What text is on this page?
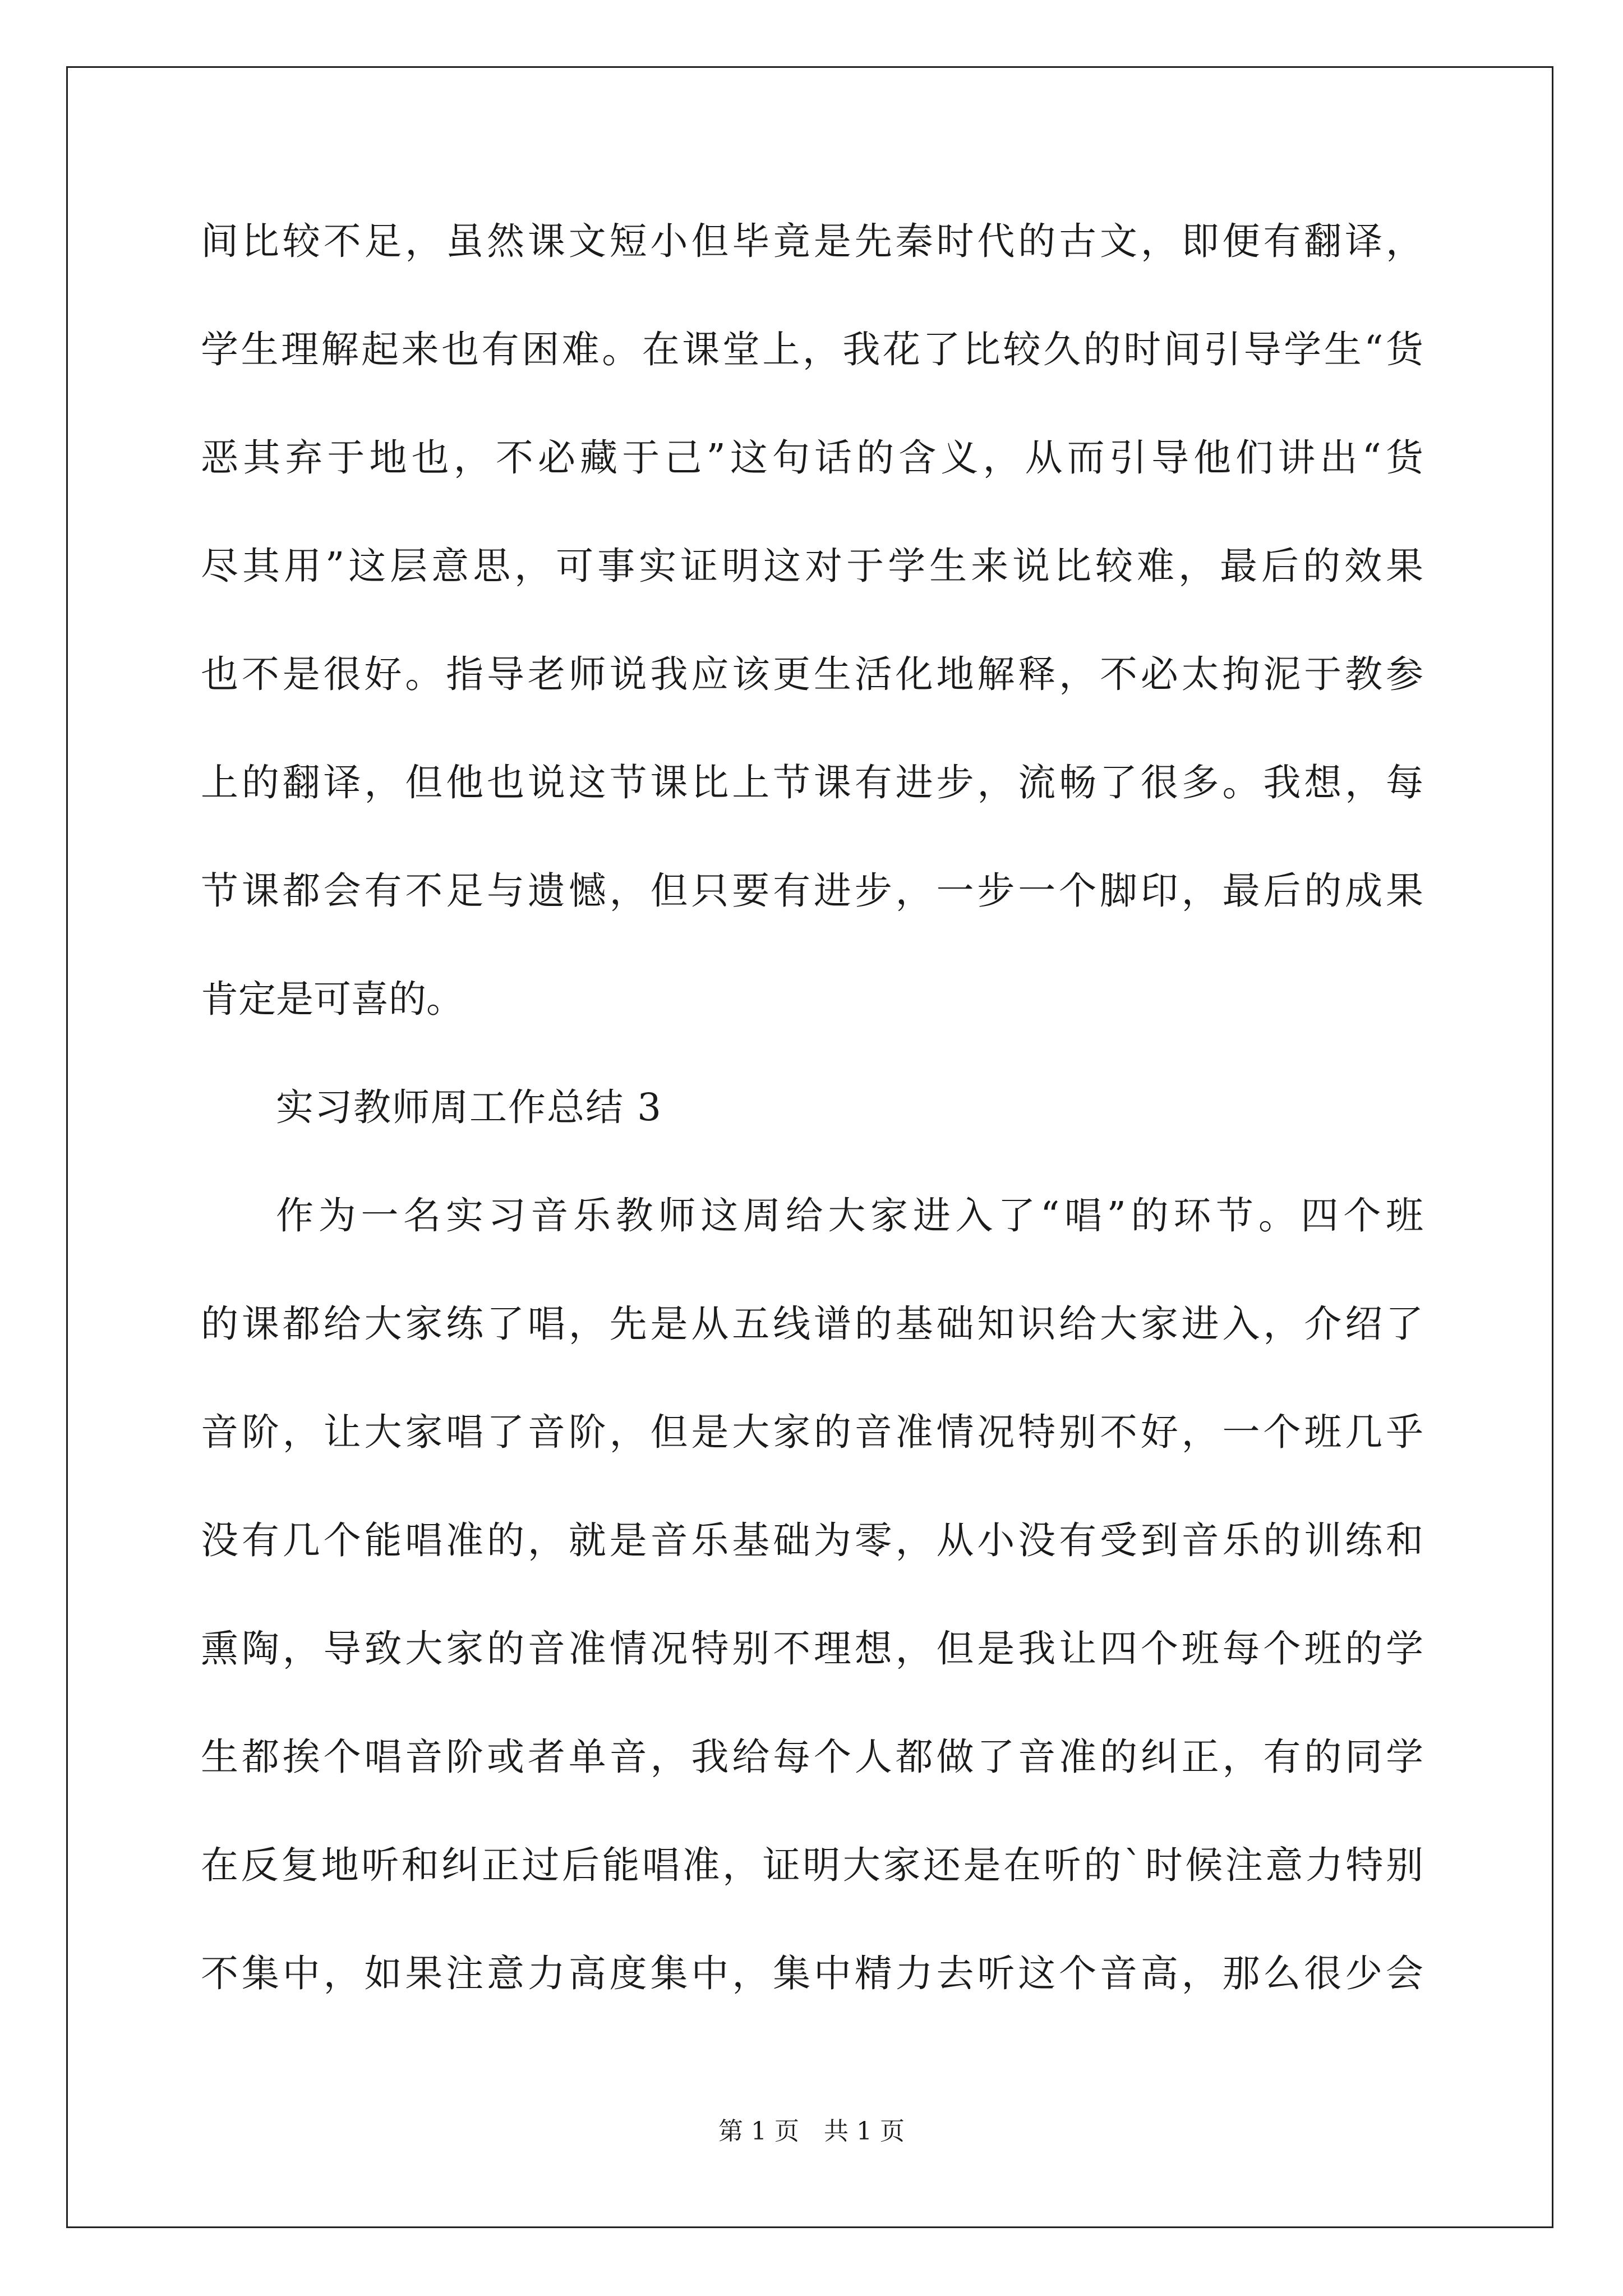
间比较不足，虽然课文短小但毕竟是先秦时代的古文，即便有翻译，
学生理解起来也有困难。在课堂上，我花了比较久的时间引导学生“货
恶其弃于地也，不必藏于己”这句话的含义，从而引导他们讲出“货
尽其用”这层意思，可事实证明这对于学生来说比较难，最后的效果
也不是很好。指导老师说我应该更生活化地解释，不必太拘泥于教参
上的翻译，但他也说这节课比上节课有进步，流畅了很多。我想，每
节课都会有不足与遗憾，但只要有进步，一步一个脚印，最后的成果
肯定是可喜的。
实习教师周工作总结 3
作为一名实习音乐教师这周给大家进入了“唱”的环节。四个班
的课都给大家练了唱，先是从五线谱的基础知识给大家进入，介绍了
音阶，让大家唱了音阶，但是大家的音准情况特别不好，一个班几乎
没有几个能唱准的，就是音乐基础为零，从小没有受到音乐的训练和
熏陶，导致大家的音准情况特别不理想，但是我让四个班每个班的学
生都挨个唱音阶或者单音，我给每个人都做了音准的纠正，有的同学
在反复地听和纠正过后能唱准，证明大家还是在听的`时候注意力特别
不集中，如果注意力高度集中，集中精力去听这个音高，那么很少会
第 1 页 共 1 页
